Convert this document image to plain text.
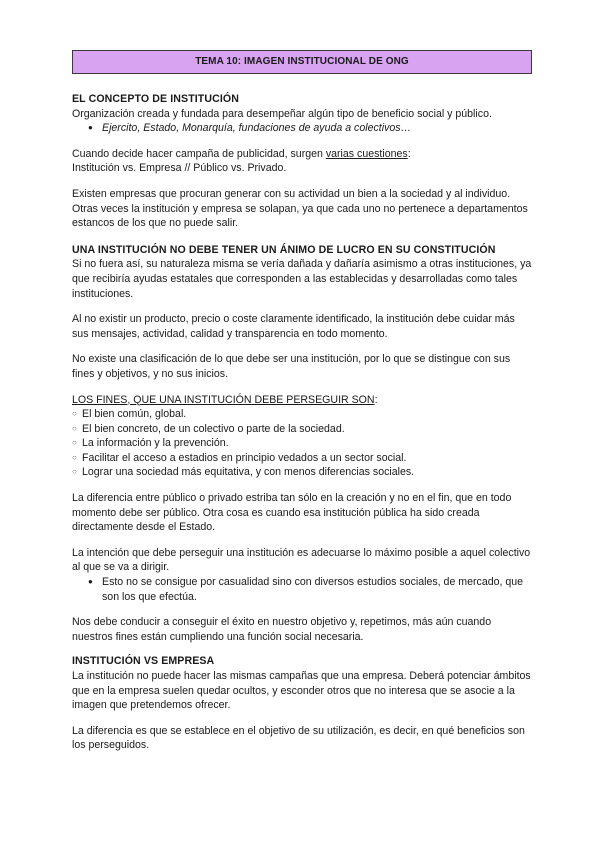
TEMA 10: IMAGEN INSTITUCIONAL DE ONG
EL CONCEPTO DE INSTITUCIÓN

Organización creada y fundada para desempeñar algún tipo de beneficio social y público.

● Ejercito, Estado, Monarquía, fundaciones de ayuda a colectivos…

Cuando decide hacer campaña de publicidad, surgen varias cuestiones:
Institución vs. Empresa // Público vs. Privado.

Existen empresas que procuran generar con su actividad un bien a la sociedad y al individuo. Otras veces la institución y empresa se solapan, ya que cada uno no pertenece a departamentos estancos de los que no puede salir.

UNA INSTITUCIÓN NO DEBE TENER UN ÁNIMO DE LUCRO EN SU CONSTITUCIÓN

Si no fuera así, su naturaleza misma se vería dañada y dañaría asimismo a otras instituciones, ya que recibiría ayudas estatales que corresponden a las establecidas y desarrolladas como tales instituciones.

Al no existir un producto, precio o coste claramente identificado, la institución debe cuidar más sus mensajes, actividad, calidad y transparencia en todo momento.

No existe una clasificación de lo que debe ser una institución, por lo que se distingue con sus fines y objetivos, y no sus inicios.

LOS FINES, QUE UNA INSTITUCIÓN DEBE PERSEGUIR SON:

○ El bien común, global.
○ El bien concreto, de un colectivo o parte de la sociedad.
○ La información y la prevención.
○ Facilitar el acceso a estadios en principio vedados a un sector social.
○ Lograr una sociedad más equitativa, y con menos diferencias sociales.

La diferencia entre público o privado estriba tan sólo en la creación y no en el fin, que en todo momento debe ser público. Otra cosa es cuando esa institución pública ha sido creada directamente desde el Estado.

La intención que debe perseguir una institución es adecuarse lo máximo posible a aquel colectivo al que se va a dirigir.

● Esto no se consigue por casualidad sino con diversos estudios sociales, de mercado, que son los que efectúa.

Nos debe conducir a conseguir el éxito en nuestro objetivo y, repetimos, más aún cuando nuestros fines están cumpliendo una función social necesaria.

INSTITUCIÓN VS EMPRESA

La institución no puede hacer las mismas campañas que una empresa. Deberá potenciar ámbitos que en la empresa suelen quedar ocultos, y esconder otros que no interesa que se asocie a la imagen que pretendemos ofrecer.

La diferencia es que se establece en el objetivo de su utilización, es decir, en qué beneficios son los perseguidos.
